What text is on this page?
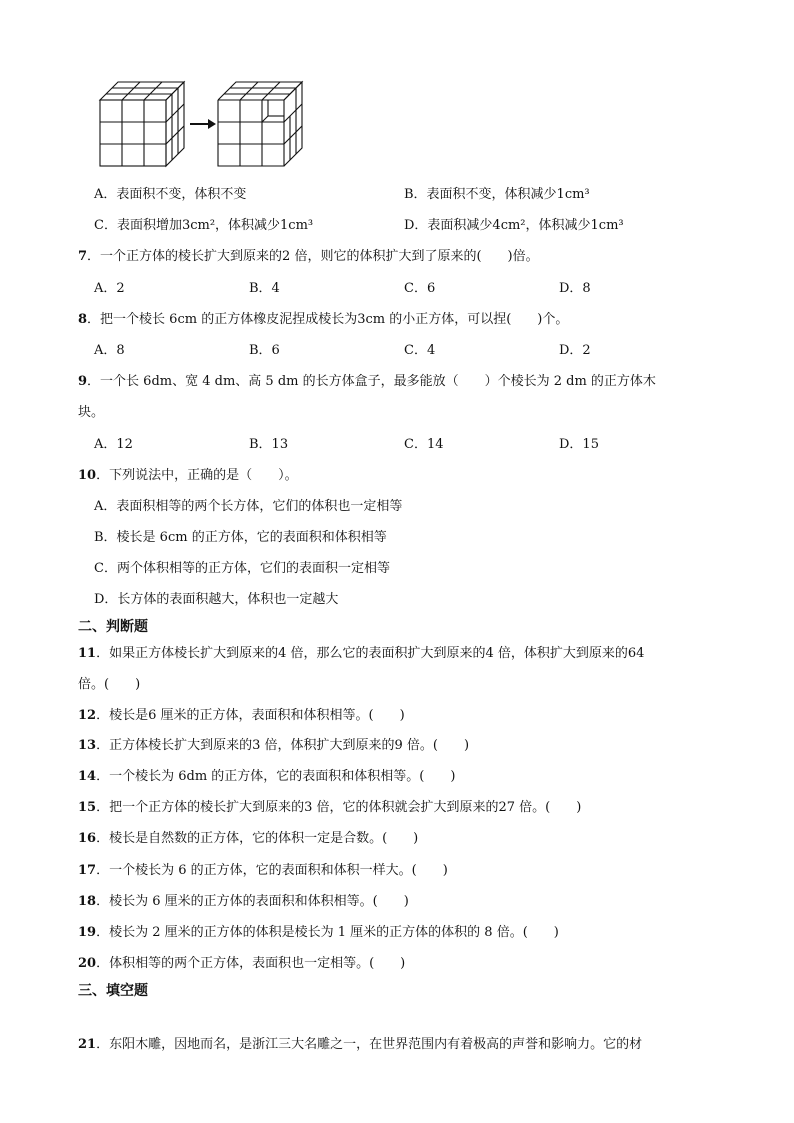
A．表面积不变，体积不变	B．表面积不变，体积减少1cm³
C．表面积增加3cm²，体积减少1cm³	D．表面积减少4cm²，体积减少1cm³
7．一个正方体的棱长扩大到原来的2 倍，则它的体积扩大到了原来的(　　)倍。
A．2	B．4	C．6	D．8
8．把一个棱长 6cm 的正方体橡皮泥捏成棱长为3cm 的小正方体，可以捏(　　)个。
A．8	B．6	C．4	D．2
9．一个长 6dm、宽 4 dm、高 5 dm 的长方体盒子，最多能放（　　）个棱长为 2 dm 的正方体木
块。
A．12	B．13	C．14	D．15
10．下列说法中，正确的是（　　）。
A．表面积相等的两个长方体，它们的体积也一定相等
B．棱长是 6cm 的正方体，它的表面积和体积相等
C．两个体积相等的正方体，它们的表面积一定相等
D．长方体的表面积越大，体积也一定越大
二、判断题
11．如果正方体棱长扩大到原来的4 倍，那么它的表面积扩大到原来的4 倍，体积扩大到原来的64
倍。(　　)
12．棱长是6 厘米的正方体，表面积和体积相等。(　　)
13．正方体棱长扩大到原来的3 倍，体积扩大到原来的9 倍。(　　)
14．一个棱长为 6dm 的正方体，它的表面积和体积相等。(　　)
15．把一个正方体的棱长扩大到原来的3 倍，它的体积就会扩大到原来的27 倍。(　　)
16．棱长是自然数的正方体，它的体积一定是合数。(　　)
17．一个棱长为 6 的正方体，它的表面积和体积一样大。(　　)
18．棱长为 6 厘米的正方体的表面积和体积相等。(　　)
19．棱长为 2 厘米的正方体的体积是棱长为 1 厘米的正方体的体积的 8 倍。(　　)
20．体积相等的两个正方体，表面积也一定相等。(　　)
三、填空题
21．东阳木雕，因地而名，是浙江三大名雕之一，在世界范围内有着极高的声誉和影响力。它的材
